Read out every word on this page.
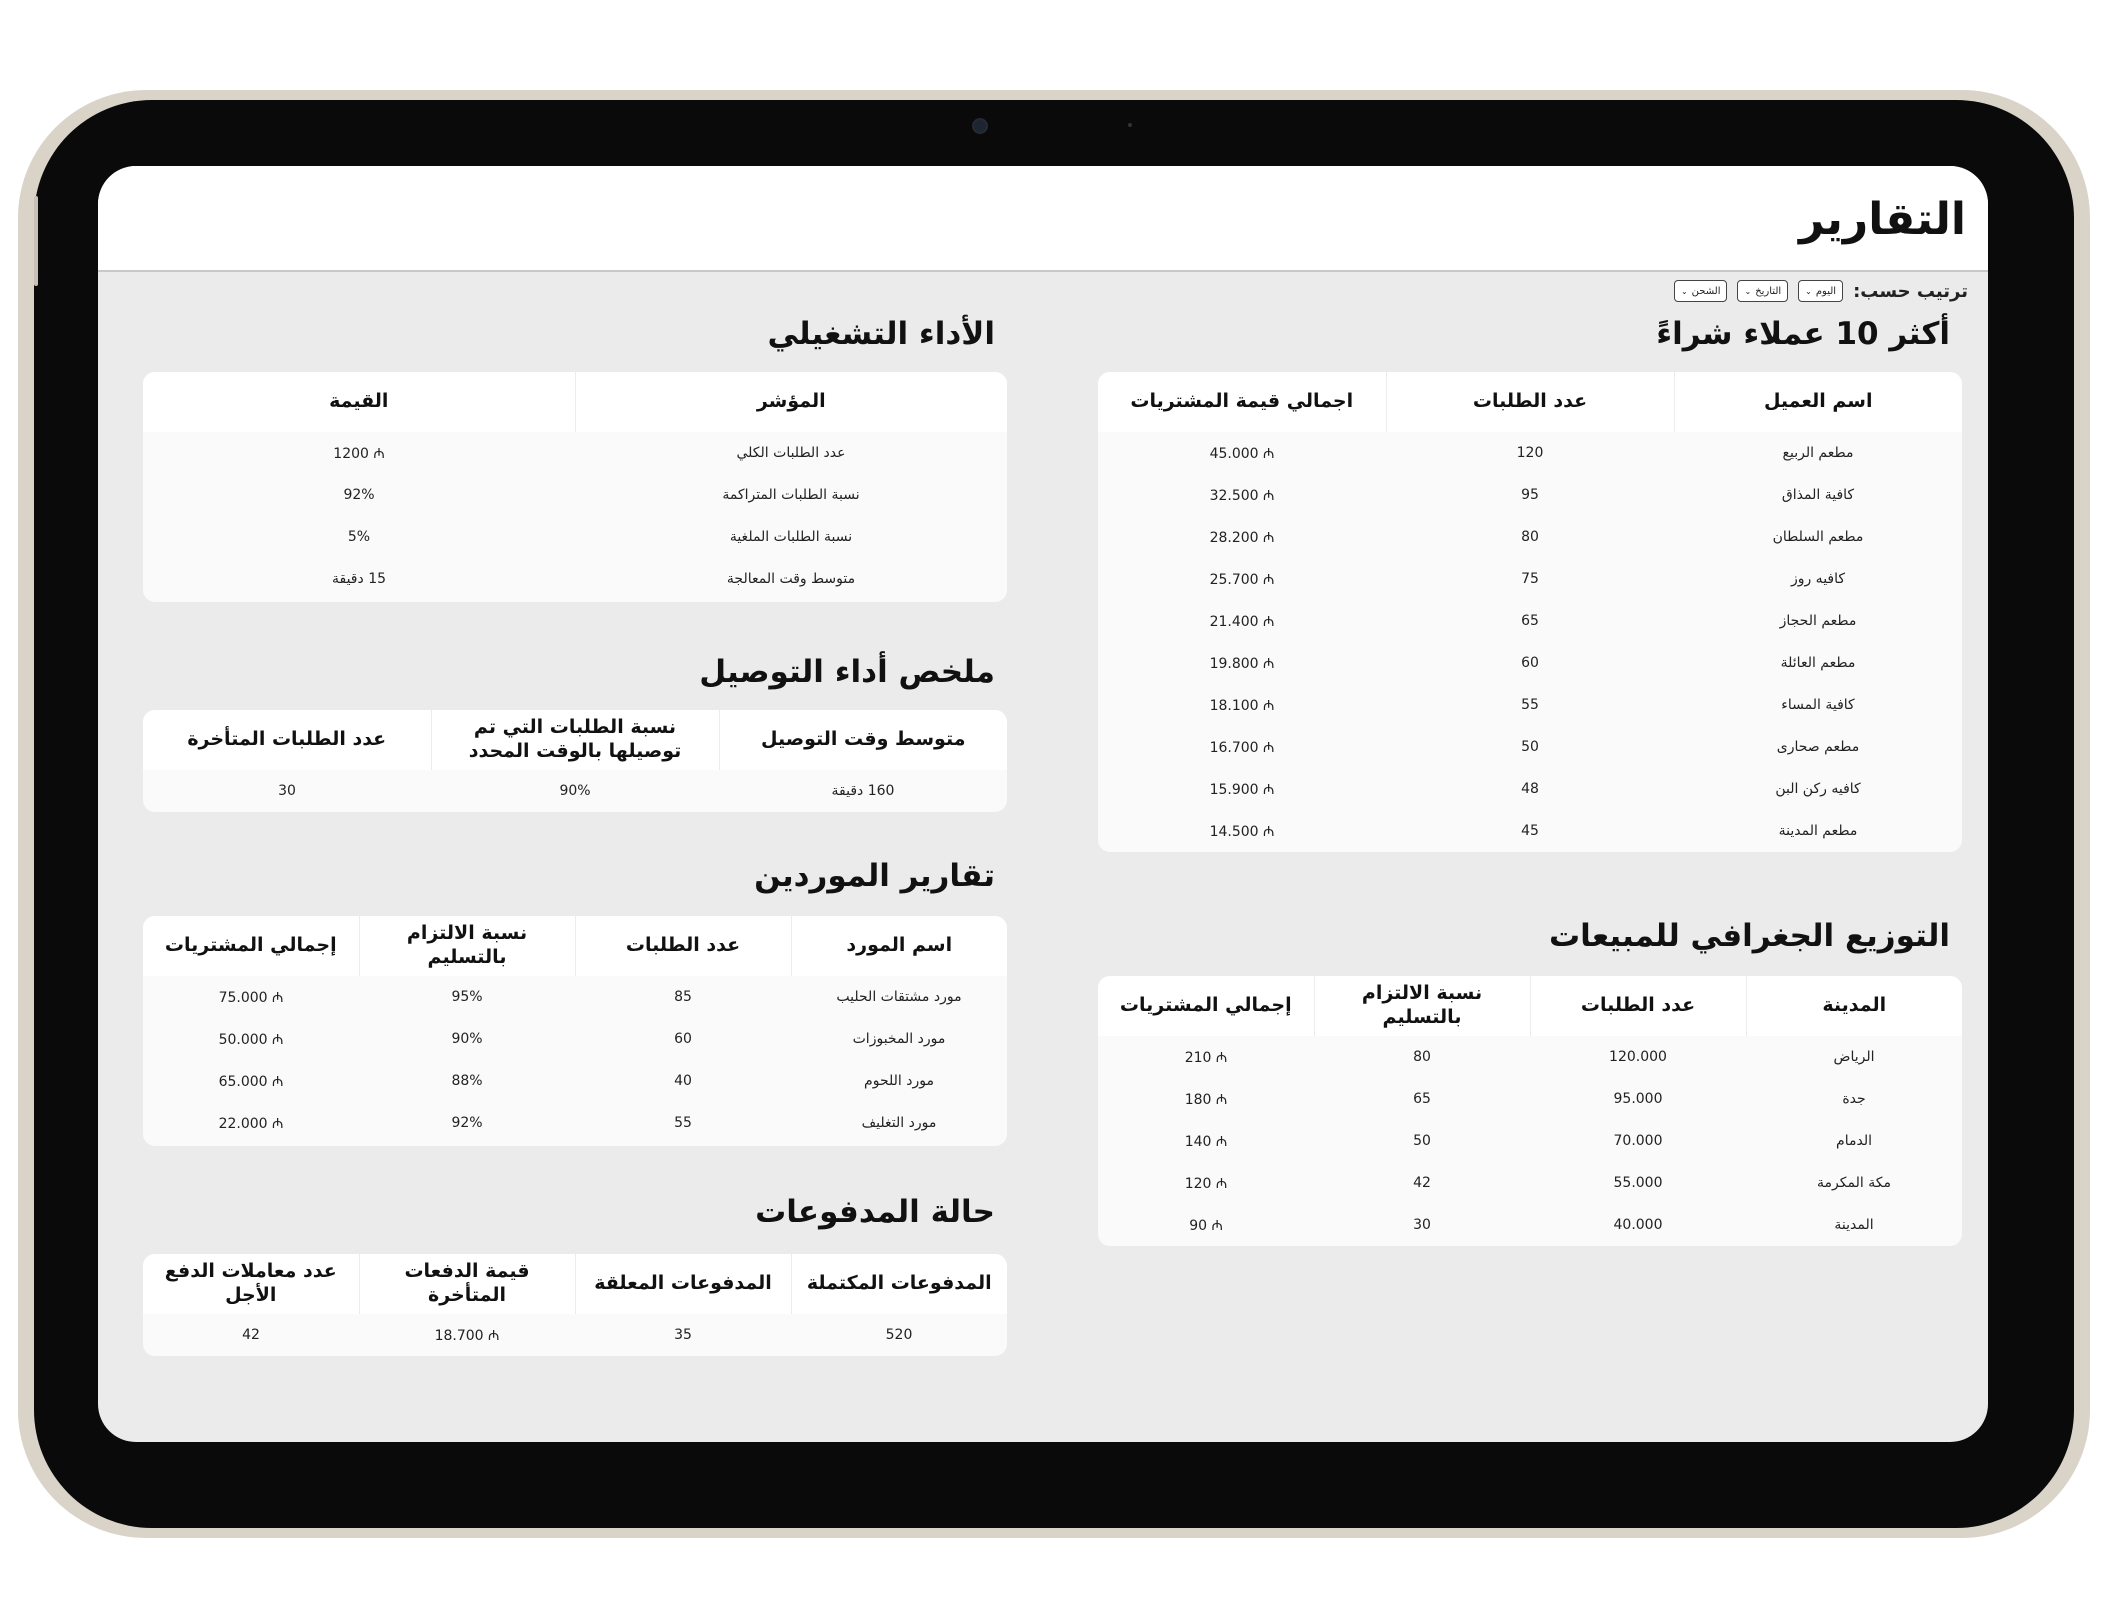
التقارير
ترتيب حسب:
اليوم
⌄
التاريخ
⌄
الشحن
⌄
أكثر 10 عملاء شراءً
اسم العميل	عدد الطلبات	اجمالي قيمة المشتريات
مطعم الربيع	120	₼ 45.000
كافية المذاق	95	₼ 32.500
مطعم السلطان	80	₼ 28.200
كافيه روز	75	₼ 25.700
مطعم الحجاز	65	₼ 21.400
مطعم العائلة	60	₼ 19.800
كافية المساء	55	₼ 18.100
مطعم صحارى	50	₼ 16.700
كافيه ركن البن	48	₼ 15.900
مطعم المدينة	45	₼ 14.500
التوزيع الجغرافي للمبيعات
المدينة	عدد الطلبات	نسبة الالتزام بالتسليم	إجمالي المشتريات
الرياض	120.000	80	₼ 210
جدة	95.000	65	₼ 180
الدمام	70.000	50	₼ 140
مكة المكرمة	55.000	42	₼ 120
المدينة	40.000	30	₼ 90
الأداء التشغيلي
المؤشر	القيمة
عدد الطلبات الكلي	₼ 1200
نسبة الطلبات المتراكمة	92%
نسبة الطلبات الملغية	5%
متوسط وقت المعالجة	15 دقيقة
ملخص أداء التوصيل
متوسط وقت التوصيل	نسبة الطلبات التي تم توصيلها بالوقت المحدد	عدد الطلبات المتأخرة
160 دقيقة	90%	30
تقارير الموردين
اسم المورد	عدد الطلبات	نسبة الالتزام بالتسليم	إجمالي المشتريات
مورد مشتقات الحليب	85	95%	₼ 75.000
مورد المخبوزات	60	90%	₼ 50.000
مورد اللحوم	40	88%	₼ 65.000
مورد التغليف	55	92%	₼ 22.000
حالة المدفوعات
المدفوعات المكتملة	المدفوعات المعلقة	قيمة الدفعات المتأخرة	عدد معاملات الدفع الأجل
520	35	₼ 18.700	42
